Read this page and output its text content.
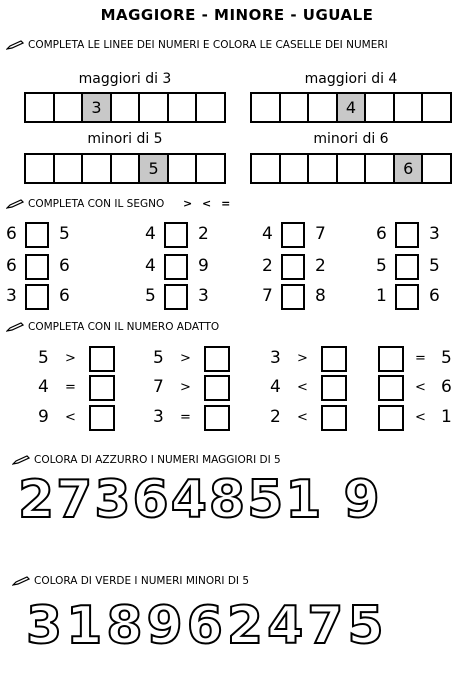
MAGGIORE - MINORE - UGUALE
COMPLETA LE LINEE DEI NUMERI E COLORA LE CASELLE DEI NUMERI
maggiori di 3	maggiori di 4
3	4
minori di 5	minori di 6
5	6
COMPLETA CON IL SEGNO > < =
6 5	4 2	4 7	6 3
6 6	4 9	2 2	5 5
3 6	5 3	7 8	1 6
COMPLETA CON IL NUMERO ADATTO
5 >	5 >	3 >	= 5
4 =	7 >	4 <	< 6
9 <	3 =	2 <	< 1
COLORA DI AZZURRO I NUMERI MAGGIORI DI 5
27364851 9
COLORA DI VERDE I NUMERI MINORI DI 5
318962475
